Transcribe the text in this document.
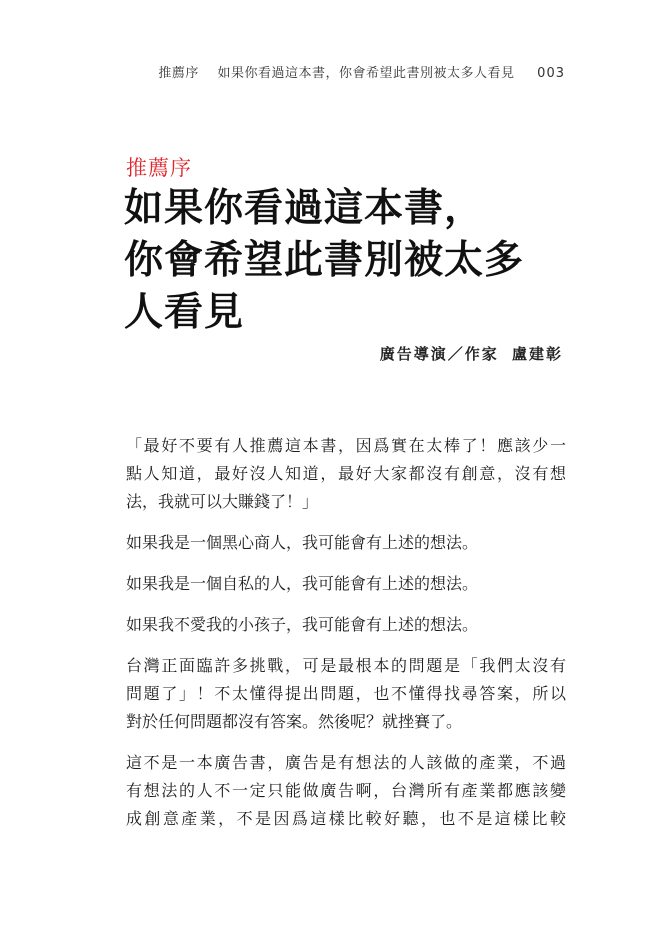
推薦序 如果你看過這本書，你會希望此書別被太多人看見 003
推薦序
如果你看過這本書，
你會希望此書別被太多
人看見
廣告導演／作家 盧建彰

「最好不要有人推薦這本書，因爲實在太棒了！應該少一
點人知道，最好沒人知道，最好大家都沒有創意，沒有想
法，我就可以大賺錢了！」

如果我是一個黑心商人，我可能會有上述的想法。

如果我是一個自私的人，我可能會有上述的想法。

如果我不愛我的小孩子，我可能會有上述的想法。

台灣正面臨許多挑戰，可是最根本的問題是「我們太沒有
問題了」！不太懂得提出問題，也不懂得找尋答案，所以
對於任何問題都沒有答案。然後呢？就挫賽了。

這不是一本廣告書，廣告是有想法的人該做的產業，不過
有想法的人不一定只能做廣告啊，台灣所有產業都應該變
成創意產業，不是因爲這樣比較好聽，也不是這樣比較
